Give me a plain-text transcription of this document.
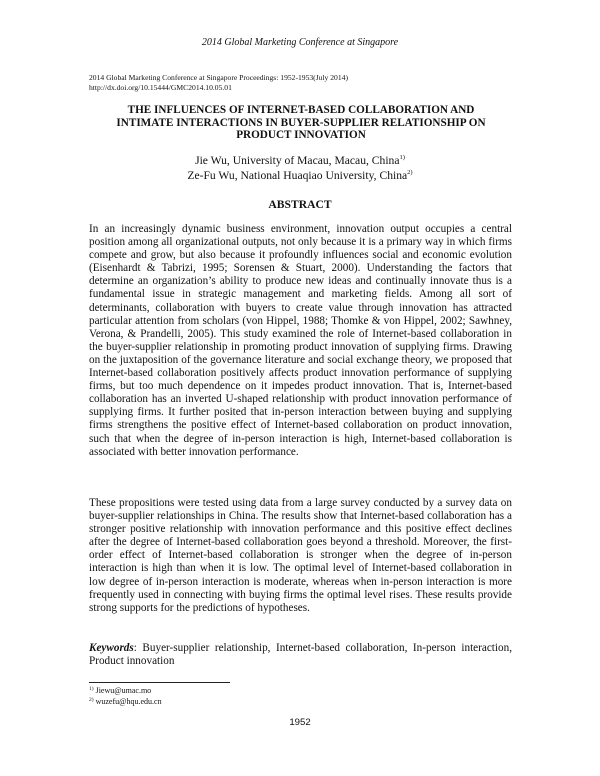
2014 Global Marketing Conference at Singapore
2014 Global Marketing Conference at Singapore Proceedings: 1952-1953(July 2014)
http://dx.doi.org/10.15444/GMC2014.10.05.01
THE INFLUENCES OF INTERNET-BASED COLLABORATION AND
INTIMATE INTERACTIONS IN BUYER-SUPPLIER RELATIONSHIP ON
PRODUCT INNOVATION
Jie Wu, University of Macau, Macau, China$^{1)}$
Ze-Fu Wu, National Huaqiao University, China$^{2)}$
ABSTRACT

In an increasingly dynamic business environment, innovation output occupies a central position among all organizational outputs, not only because it is a primary way in which firms compete and grow, but also because it profoundly influences social and economic evolution (Eisenhardt & Tabrizi, 1995; Sorensen & Stuart, 2000). Understanding the factors that determine an organization’s ability to produce new ideas and continually innovate thus is a fundamental issue in strategic management and marketing fields. Among all sort of determinants, collaboration with buyers to create value through innovation has attracted particular attention from scholars (von Hippel, 1988; Thomke & von Hippel, 2002; Sawhney, Verona, & Prandelli, 2005). This study examined the role of Internet-based collaboration in the buyer-supplier relationship in promoting product innovation of supplying firms. Drawing on the juxtaposition of the governance literature and social exchange theory, we proposed that Internet-based collaboration positively affects product innovation performance of supplying firms, but too much dependence on it impedes product innovation. That is, Internet-based collaboration has an inverted U-shaped relationship with product innovation performance of supplying firms. It further posited that in-person interaction between buying and supplying firms strengthens the positive effect of Internet-based collaboration on product innovation, such that when the degree of in-person interaction is high, Internet-based collaboration is associated with better innovation performance.

These propositions were tested using data from a large survey conducted by a survey data on buyer-supplier relationships in China. The results show that Internet-based collaboration has a stronger positive relationship with innovation performance and this positive effect declines after the degree of Internet-based collaboration goes beyond a threshold. Moreover, the first-order effect of Internet-based collaboration is stronger when the degree of in-person interaction is high than when it is low. The optimal level of Internet-based collaboration in low degree of in-person interaction is moderate, whereas when in-person interaction is more frequently used in connecting with buying firms the optimal level rises. These results provide strong supports for the predictions of hypotheses.

Keywords: Buyer-supplier relationship, Internet-based collaboration, In-person interaction, Product innovation
$^{1)}$ Jiewu@umac.mo
$^{2)}$ wuzefu@hqu.edu.cn
1952
